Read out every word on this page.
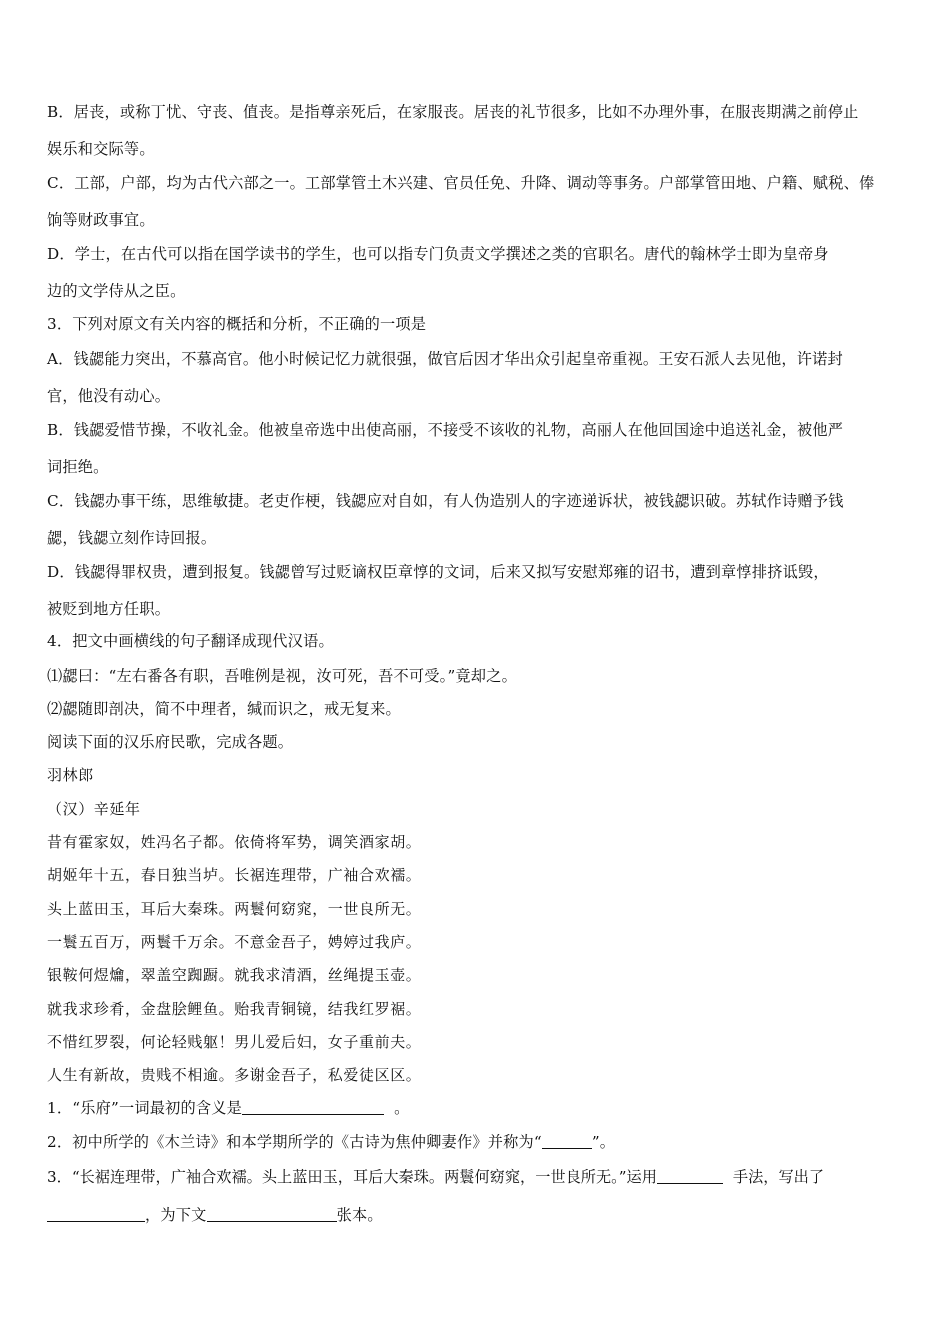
B．居丧，或称丁忧、守丧、值丧。是指尊亲死后，在家服丧。居丧的礼节很多，比如不办理外事，在服丧期满之前停止
娱乐和交际等。
C．工部，户部，均为古代六部之一。工部掌管土木兴建、官员任免、升降、调动等事务。户部掌管田地、户籍、赋税、俸
饷等财政事宜。
D．学士，在古代可以指在国学读书的学生，也可以指专门负责文学撰述之类的官职名。唐代的翰林学士即为皇帝身
边的文学侍从之臣。
3．下列对原文有关内容的概括和分析，不正确的一项是
A．钱勰能力突出，不慕高官。他小时候记忆力就很强，做官后因才华出众引起皇帝重视。王安石派人去见他，许诺封
官，他没有动心。
B．钱勰爱惜节操，不收礼金。他被皇帝选中出使高丽，不接受不该收的礼物，高丽人在他回国途中追送礼金，被他严
词拒绝。
C．钱勰办事干练，思维敏捷。老吏作梗，钱勰应对自如，有人伪造别人的字迹递诉状，被钱勰识破。苏轼作诗赠予钱
勰，钱勰立刻作诗回报。
D．钱勰得罪权贵，遭到报复。钱勰曾写过贬谪权臣章惇的文词，后来又拟写安慰郑雍的诏书，遭到章惇排挤诋毁，
被贬到地方任职。
4．把文中画横线的句子翻译成现代汉语。
⑴勰曰：“左右番各有职，吾唯例是视，汝可死，吾不可受。”竟却之。
⑵勰随即剖决，简不中理者，缄而识之，戒无复来。
阅读下面的汉乐府民歌，完成各题。
羽林郎
（汉）辛延年
昔有霍家奴，姓冯名子都。依倚将军势，调笑酒家胡。
胡姬年十五，春日独当垆。长裾连理带，广袖合欢襦。
头上蓝田玉，耳后大秦珠。两鬟何窈窕，一世良所无。
一鬟五百万，两鬟千万余。不意金吾子，娉婷过我庐。
银鞍何煜爚，翠盖空踟蹰。就我求清酒，丝绳提玉壶。
就我求珍肴，金盘脍鲤鱼。贻我青铜镜，结我红罗裾。
不惜红罗裂，何论轻贱躯！男儿爱后妇，女子重前夫。
人生有新故，贵贱不相逾。多谢金吾子，私爱徒区区。
1．“乐府”一词最初的含义是	。
2．初中所学的《木兰诗》和本学期所学的《古诗为焦仲卿妻作》并称为“	”。
3．“长裾连理带，广袖合欢襦。头上蓝田玉，耳后大秦珠。两鬟何窈窕，一世良所无。”运用	手法，写出了
，为下文	张本。
